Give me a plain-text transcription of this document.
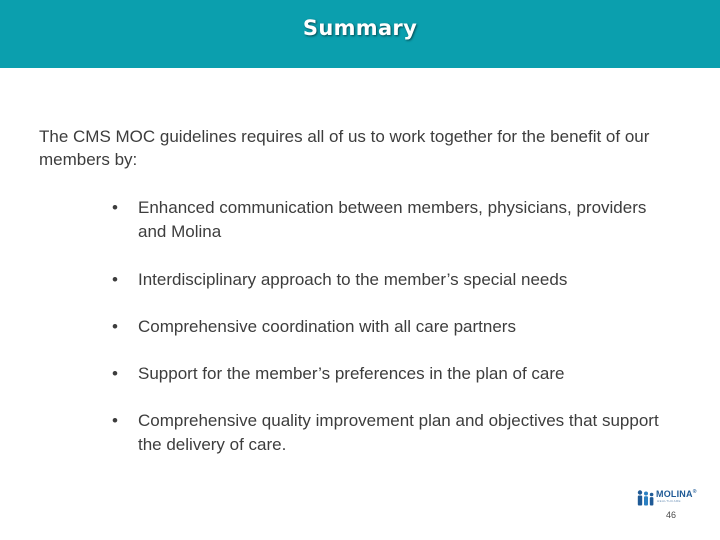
Summary

The CMS MOC guidelines requires all of us to work together for the benefit of our members by:

•	Enhanced communication between members, physicians, providers and Molina
•	Interdisciplinary approach to the member’s special needs
•	Comprehensive coordination with all care partners
•	Support for the member’s preferences in the plan of care
•	Comprehensive quality improvement plan and objectives that support the delivery of care.
MOLINA®
HEALTHCARE
46
